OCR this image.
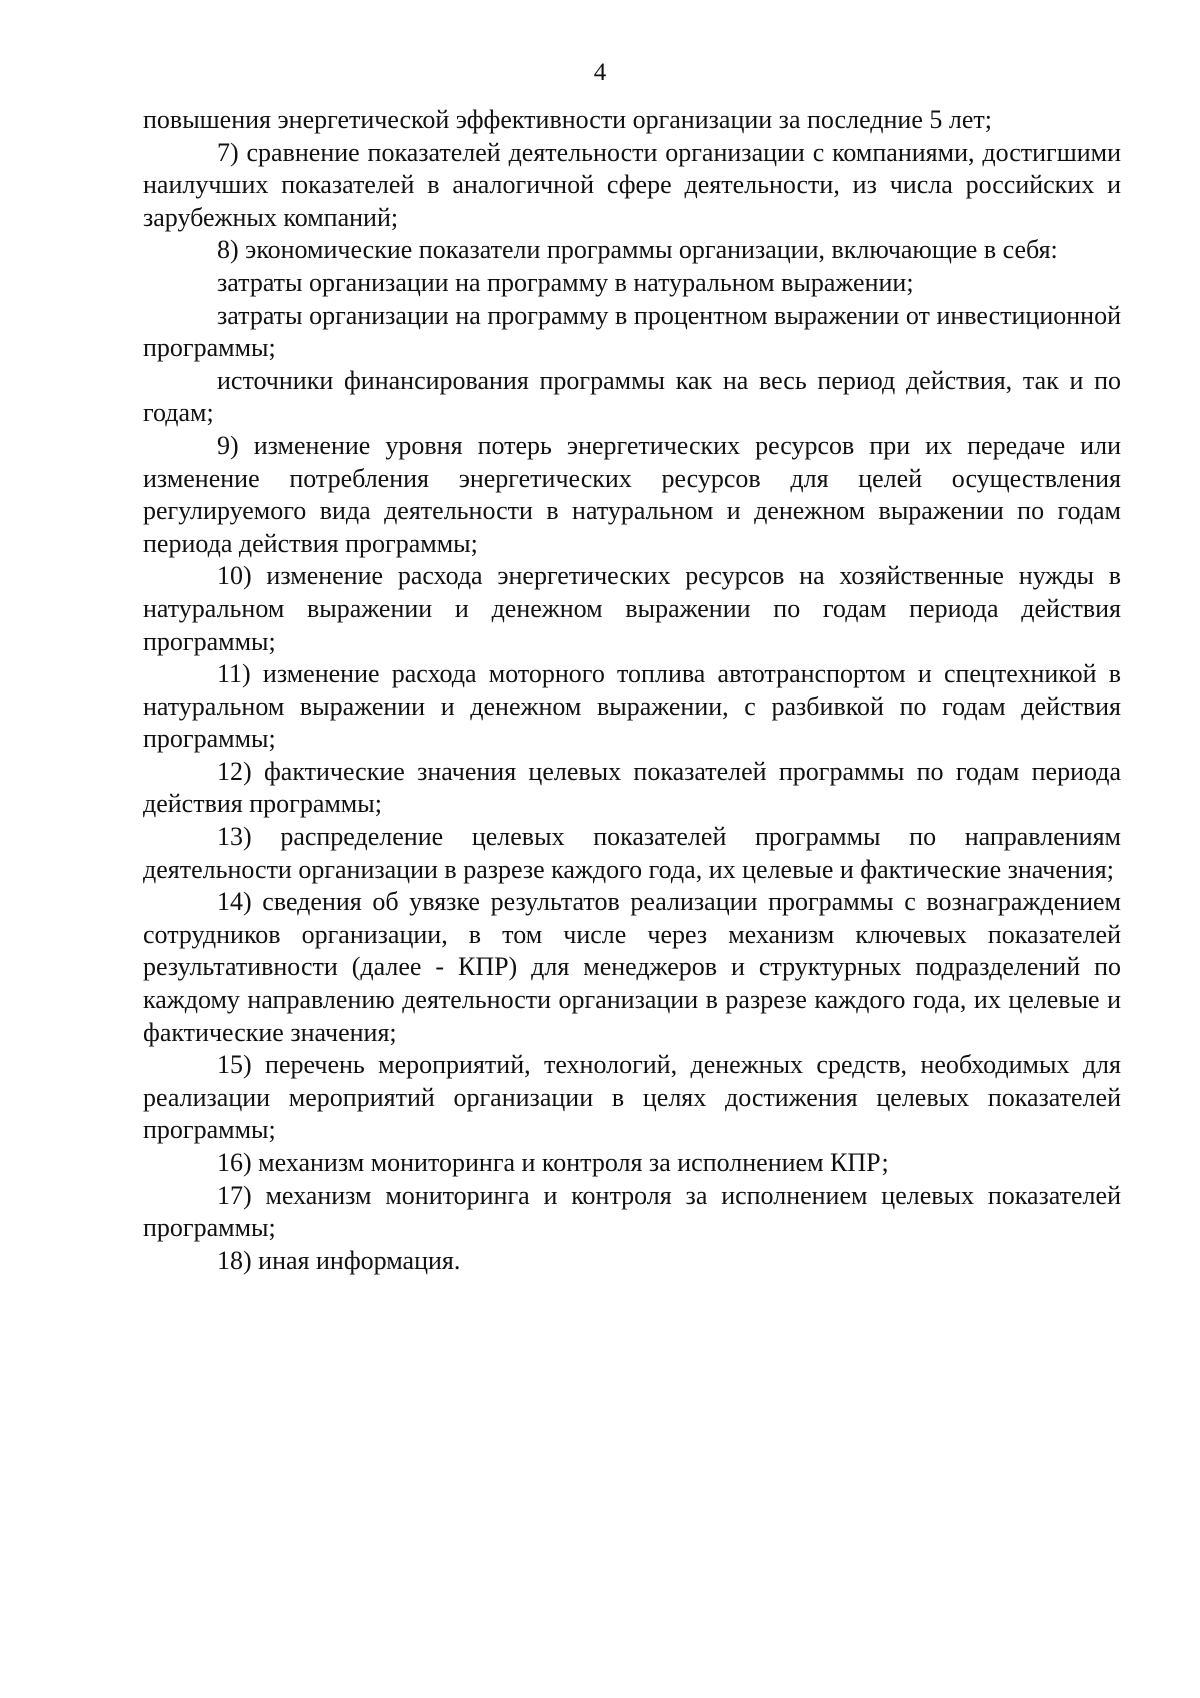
4

повышения энергетической эффективности организации за последние 5 лет;

7) сравнение показателей деятельности организации с компаниями, достигшими наилучших показателей в аналогичной сфере деятельности, из числа российских и зарубежных компаний;

8) экономические показатели программы организации, включающие в себя:

затраты организации на программу в натуральном выражении;

затраты организации на программу в процентном выражении от инвестиционной программы;

источники финансирования программы как на весь период действия, так и по годам;

9) изменение уровня потерь энергетических ресурсов при их передаче или изменение потребления энергетических ресурсов для целей осуществления регулируемого вида деятельности в натуральном и денежном выражении по годам периода действия программы;

10) изменение расхода энергетических ресурсов на хозяйственные нужды в натуральном выражении и денежном выражении по годам периода действия программы;

11) изменение расхода моторного топлива автотранспортом и спецтехникой в натуральном выражении и денежном выражении, с разбивкой по годам действия программы;

12) фактические значения целевых показателей программы по годам периода действия программы;

13) распределение целевых показателей программы по направлениям деятельности организации в разрезе каждого года, их целевые и фактические значения;

14) сведения об увязке результатов реализации программы с вознаграждением сотрудников организации, в том числе через механизм ключевых показателей результативности (далее - КПР) для менеджеров и структурных подразделений по каждому направлению деятельности организации в разрезе каждого года, их целевые и фактические значения;

15) перечень мероприятий, технологий, денежных средств, необходимых для реализации мероприятий организации в целях достижения целевых показателей программы;

16) механизм мониторинга и контроля за исполнением КПР;

17) механизм мониторинга и контроля за исполнением целевых показателей программы;

18) иная информация.
